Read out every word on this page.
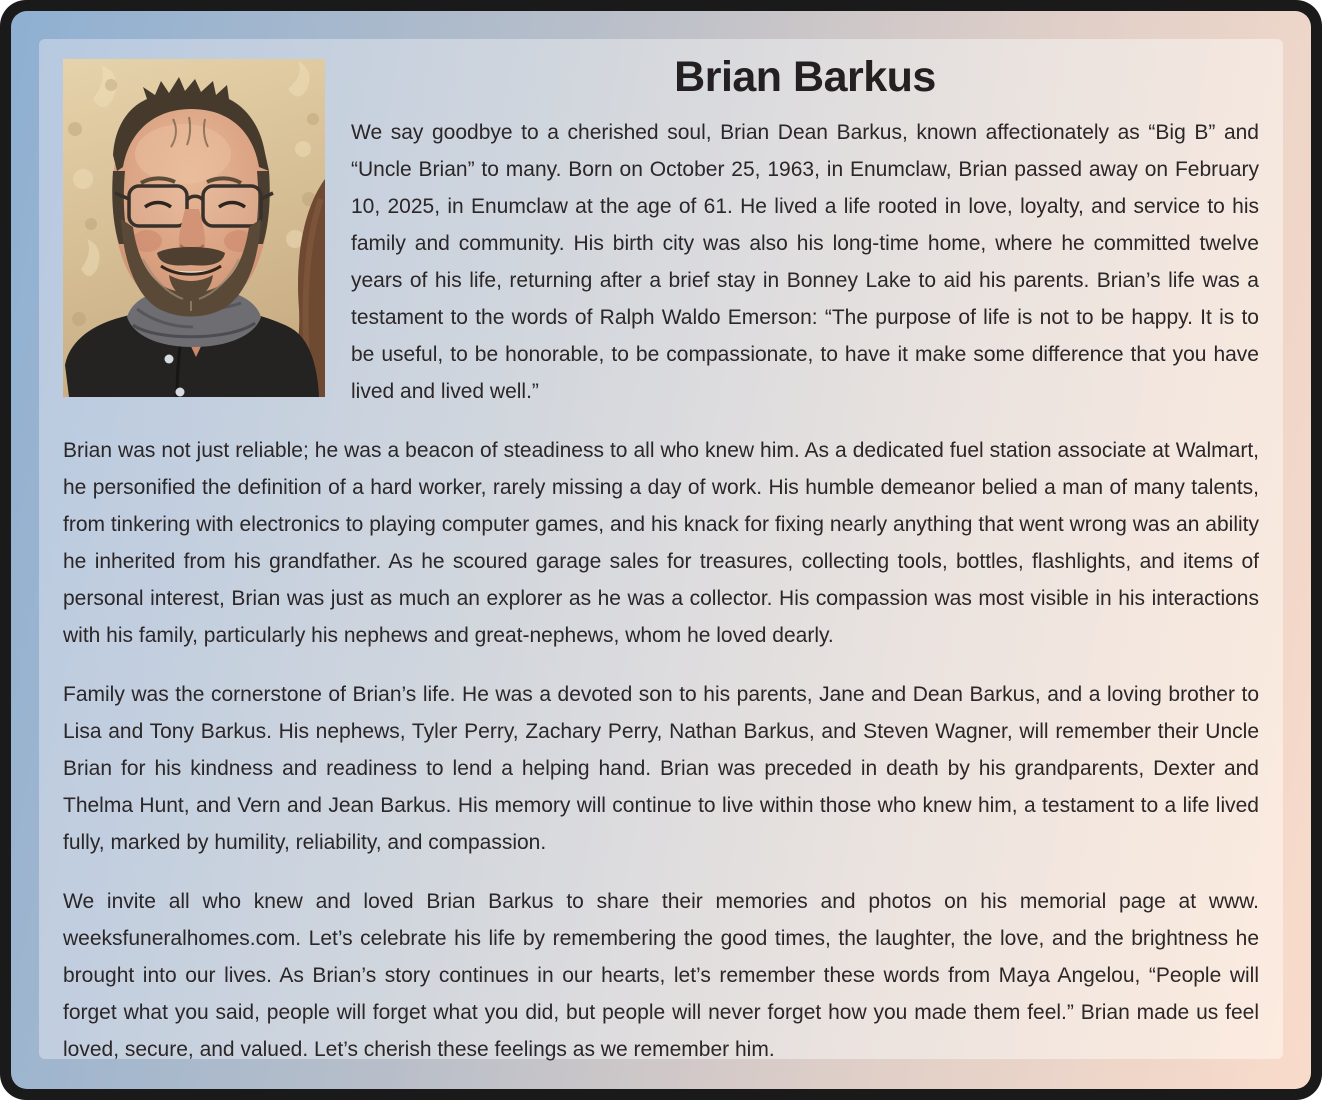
Brian Barkus

We say goodbye to a cherished soul, Brian Dean Barkus, known affectionately as “Big B” and “Uncle Brian” to many. Born on October 25, 1963, in Enumclaw, Brian passed away on February 10, 2025, in Enumclaw at the age of 61. He lived a life rooted in love, loyalty, and service to his family and community. His birth city was also his long-time home, where he committed twelve years of his life, returning after a brief stay in Bonney Lake to aid his parents. Brian’s life was a testament to the words of Ralph Waldo Emerson: “The purpose of life is not to be happy. It is to be useful, to be honorable, to be compassionate, to have it make some difference that you have lived and lived well.”

Brian was not just reliable; he was a beacon of steadiness to all who knew him. As a dedicated fuel station associate at Walmart, he personified the definition of a hard worker, rarely missing a day of work. His humble demeanor belied a man of many talents, from tinkering with electronics to playing computer games, and his knack for fixing nearly anything that went wrong was an ability he inherited from his grandfather. As he scoured garage sales for treasures, collecting tools, bottles, flashlights, and items of personal interest, Brian was just as much an explorer as he was a collector. His compassion was most visible in his interactions with his family, particularly his nephews and great-nephews, whom he loved dearly.

Family was the cornerstone of Brian’s life. He was a devoted son to his parents, Jane and Dean Barkus, and a loving brother to Lisa and Tony Barkus. His nephews, Tyler Perry, Zachary Perry, Nathan Barkus, and Steven Wagner, will remember their Uncle Brian for his kindness and readiness to lend a helping hand. Brian was preceded in death by his grandparents, Dexter and Thelma Hunt, and Vern and Jean Barkus. His memory will continue to live within those who knew him, a testament to a life lived fully, marked by humility, reliability, and compassion.

We invite all who knew and loved Brian Barkus to share their memories and photos on his memorial page at www.​weeksfuneralhomes.com. Let’s celebrate his life by remembering the good times, the laughter, the love, and the brightness he brought into our lives. As Brian’s story continues in our hearts, let’s remember these words from Maya Angelou, “People will forget what you said, people will forget what you did, but people will never forget how you made them feel.” Brian made us feel loved, secure, and valued. Let’s cherish these feelings as we remember him.
